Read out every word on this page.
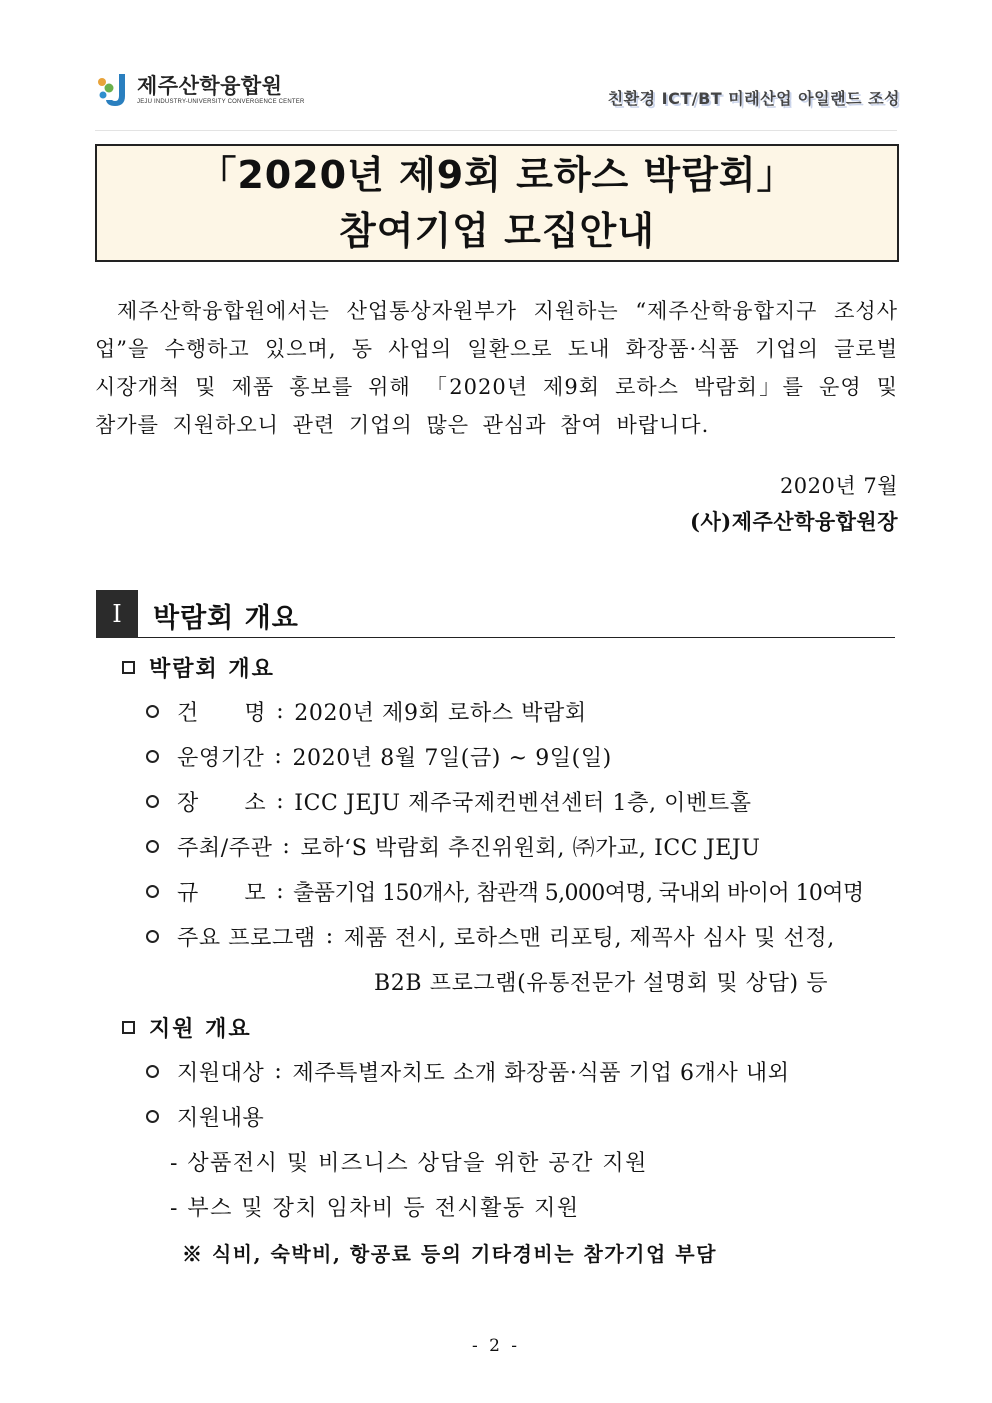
제주산학융합원
JEJU INDUSTRY-UNIVERSITY CONVERGENCE CENTER	친환경 ICT/BT 미래산업 아일랜드 조성
「2020년 제9회 로하스 박람회」
참여기업 모집안내

제주산학융합원에서는 산업통상자원부가 지원하는 “제주산학융합지구 조성사업”을 수행하고 있으며, 동 사업의 일환으로 도내 화장품·식품 기업의 글로벌 시장개척 및 제품 홍보를 위해 「2020년 제9회 로하스 박람회」를 운영 및 참가를 지원하오니 관련 기업의 많은 관심과 참여 바랍니다.

2020년 7월
(사)제주산학융합원장
I	박람회 개요
박람회 개요
건      명 : 2020년 제9회 로하스 박람회
운영기간 : 2020년 8월 7일(금) ~ 9일(일)
장      소 : ICC JEJU 제주국제컨벤션센터 1층, 이벤트홀
주최/주관 : 로하‘S 박람회 추진위원회, ㈜가교, ICC JEJU
규      모 : 출품기업 150개사, 참관객 5,000여명, 국내외 바이어 10여명
주요 프로그램 : 제품 전시, 로하스맨 리포팅, 제꼭사 심사 및 선정,
B2B 프로그램(유통전문가 설명회 및 상담) 등
지원 개요
지원대상 : 제주특별자치도 소개 화장품·식품 기업 6개사 내외
지원내용
- 상품전시 및 비즈니스 상담을 위한 공간 지원
- 부스 및 장치 임차비 등 전시활동 지원
※ 식비, 숙박비, 항공료 등의 기타경비는 참가기업 부담
- 2 -
